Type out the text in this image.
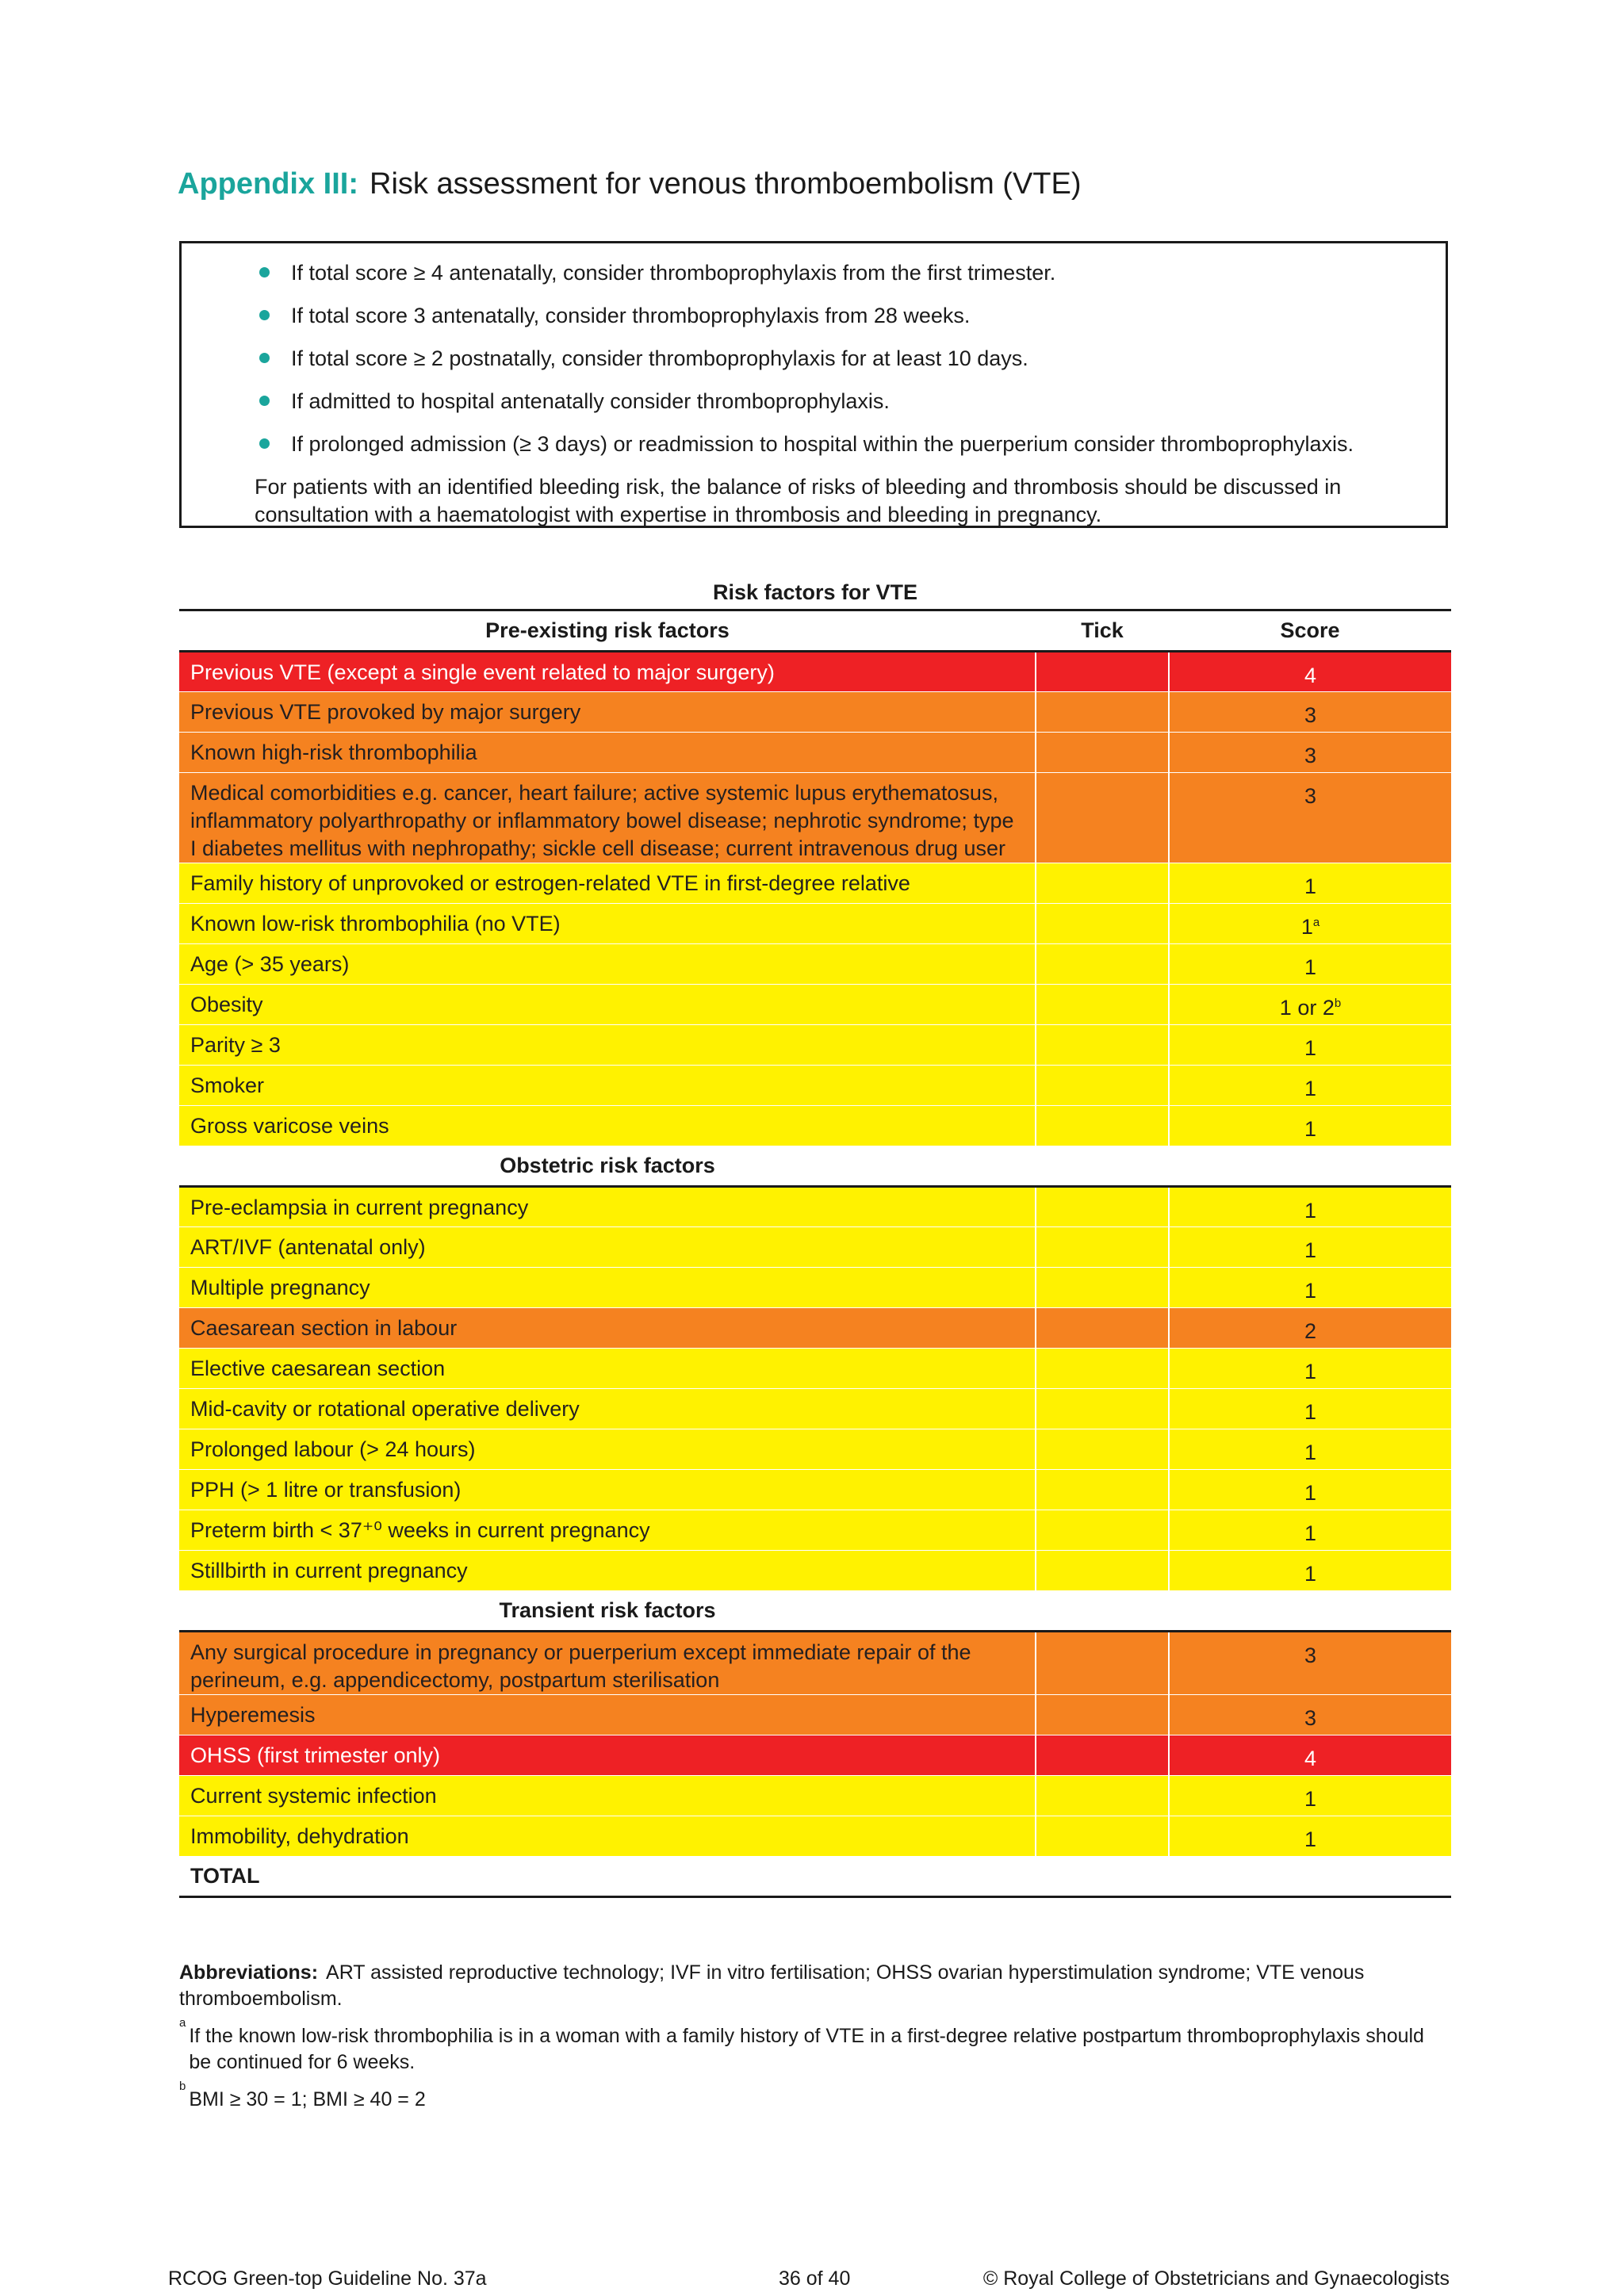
Appendix III: Risk assessment for venous thromboembolism (VTE)
If total score ≥ 4 antenatally, consider thromboprophylaxis from the first trimester.
If total score 3 antenatally, consider thromboprophylaxis from 28 weeks.
If total score ≥ 2 postnatally, consider thromboprophylaxis for at least 10 days.
If admitted to hospital antenatally consider thromboprophylaxis.
If prolonged admission (≥ 3 days) or readmission to hospital within the puerperium consider thromboprophylaxis.
For patients with an identified bleeding risk, the balance of risks of bleeding and thrombosis should be discussed in consultation with a haematologist with expertise in thrombosis and bleeding in pregnancy.
Risk factors for VTE
Pre-existing risk factors	Tick	Score
Previous VTE (except a single event related to major surgery)		4
Previous VTE provoked by major surgery		3
Known high-risk thrombophilia		3
Medical comorbidities e.g. cancer, heart failure; active systemic lupus erythematosus, inflammatory polyarthropathy or inflammatory bowel disease; nephrotic syndrome; type I diabetes mellitus with nephropathy; sickle cell disease; current intravenous drug user		3
Family history of unprovoked or estrogen-related VTE in first-degree relative		1
Known low-risk thrombophilia (no VTE)		1$^a$
Age (> 35 years)		1
Obesity		1 or 2$^b$
Parity ≥ 3		1
Smoker		1
Gross varicose veins		1
Obstetric risk factors		
Pre-eclampsia in current pregnancy		1
ART/IVF (antenatal only)		1
Multiple pregnancy		1
Caesarean section in labour		2
Elective caesarean section		1
Mid-cavity or rotational operative delivery		1
Prolonged labour (> 24 hours)		1
PPH (> 1 litre or transfusion)		1
Preterm birth < 37⁺⁰ weeks in current pregnancy		1
Stillbirth in current pregnancy		1
Transient risk factors		
Any surgical procedure in pregnancy or puerperium except immediate repair of the perineum, e.g. appendicectomy, postpartum sterilisation		3
Hyperemesis		3
OHSS (first trimester only)		4
Current systemic infection		1
Immobility, dehydration		1
TOTAL		

Abbreviations: ART assisted reproductive technology; IVF in vitro fertilisation; OHSS ovarian hyperstimulation syndrome; VTE venous thromboembolism.

a
If the known low-risk thrombophilia is in a woman with a family history of VTE in a first-degree relative postpartum thromboprophylaxis should be continued for 6 weeks.

b
BMI ≥ 30 = 1; BMI ≥ 40 = 2

RCOG Green-top Guideline No. 37a	36 of 40	© Royal College of Obstetricians and Gynaecologists
